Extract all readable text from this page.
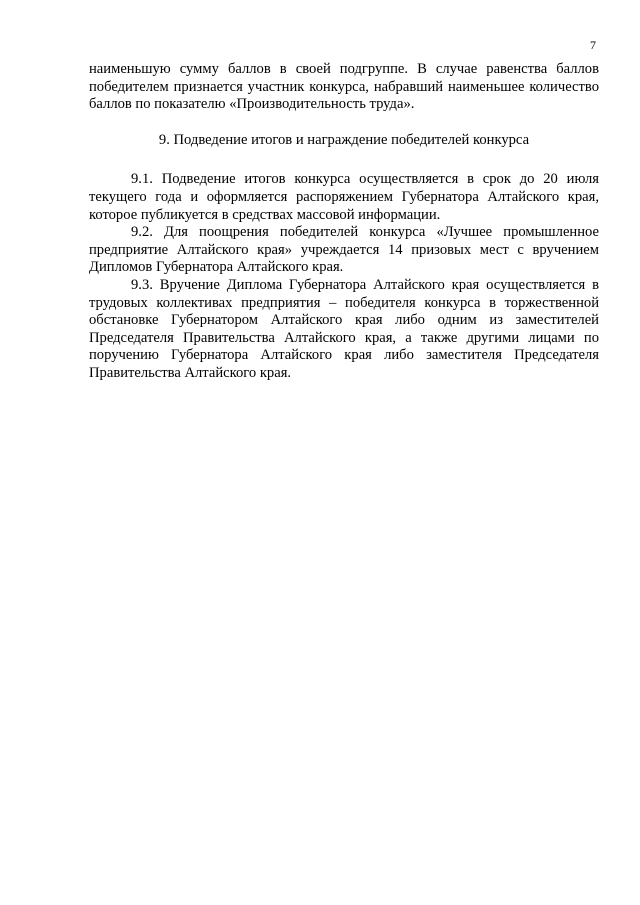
7

наименьшую сумму баллов в своей подгруппе. В случае равенства баллов победителем признается участник конкурса, набравший наименьшее количество баллов по показателю «Производительность труда».

9. Подведение итогов и награждение победителей конкурса

9.1. Подведение итогов конкурса осуществляется в срок до 20 июля текущего года и оформляется распоряжением Губернатора Алтайского края, которое публикуется в средствах массовой информации.

9.2. Для поощрения победителей конкурса «Лучшее промышленное предприятие Алтайского края» учреждается 14 призовых мест с вручением Дипломов Губернатора Алтайского края.

9.3. Вручение Диплома Губернатора Алтайского края осуществляется в трудовых коллективах предприятия – победителя конкурса в торжественной обстановке Губернатором Алтайского края либо одним из заместителей Председателя Правительства Алтайского края, а также другими лицами по поручению Губернатора Алтайского края либо заместителя Председателя Правительства Алтайского края.
